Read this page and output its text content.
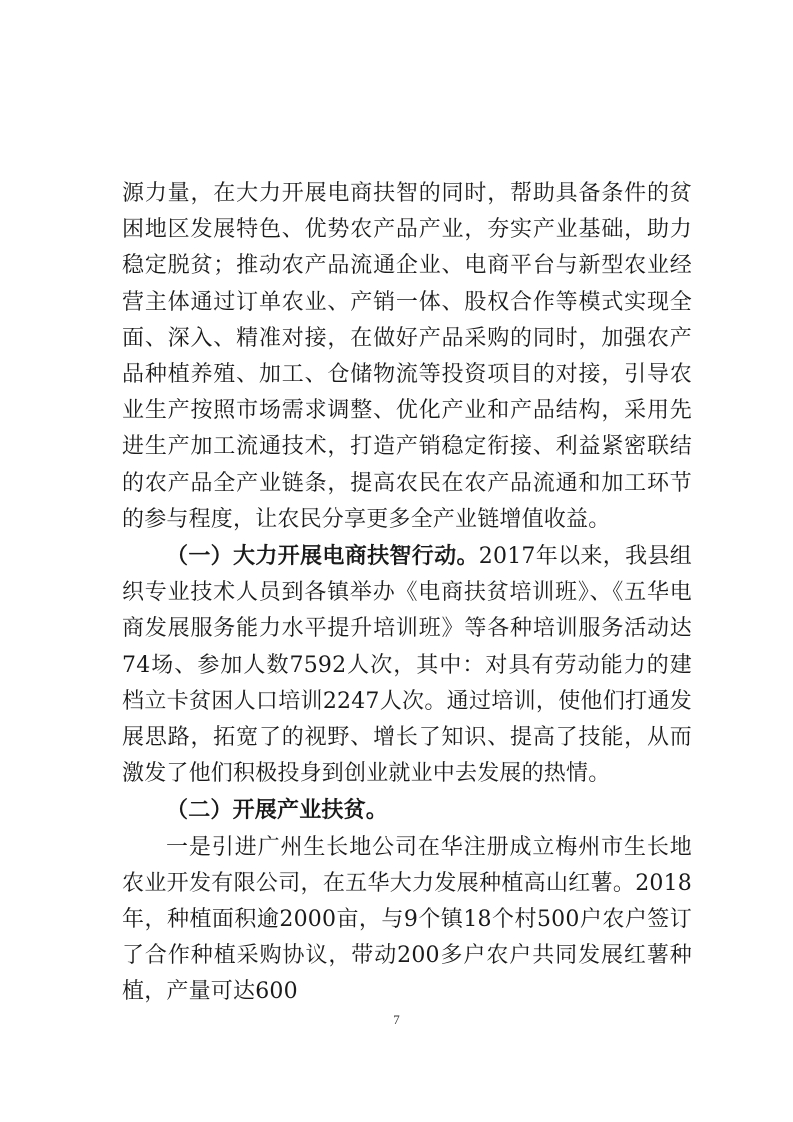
源力量，在大力开展电商扶智的同时，帮助具备条件的贫困地区发展特色、优势农产品产业，夯实产业基础，助力稳定脱贫；推动农产品流通企业、电商平台与新型农业经营主体通过订单农业、产销一体、股权合作等模式实现全面、深入、精准对接，在做好产品采购的同时，加强农产品种植养殖、加工、仓储物流等投资项目的对接，引导农业生产按照市场需求调整、优化产业和产品结构，采用先进生产加工流通技术，打造产销稳定衔接、利益紧密联结的农产品全产业链条，提高农民在农产品流通和加工环节的参与程度，让农民分享更多全产业链增值收益。

（一）大力开展电商扶智行动。2017年以来，我县组织专业技术人员到各镇举办《电商扶贫培训班》、《五华电商发展服务能力水平提升培训班》等各种培训服务活动达74场、参加人数7592人次，其中：对具有劳动能力的建档立卡贫困人口培训2247人次。通过培训，使他们打通发展思路，拓宽了的视野、增长了知识、提高了技能，从而激发了他们积极投身到创业就业中去发展的热情。

（二）开展产业扶贫。

一是引进广州生长地公司在华注册成立梅州市生长地农业开发有限公司，在五华大力发展种植高山红薯。2018年，种植面积逾2000亩，与9个镇18个村500户农户签订了合作种植采购协议，带动200多户农户共同发展红薯种植，产量可达600

7
